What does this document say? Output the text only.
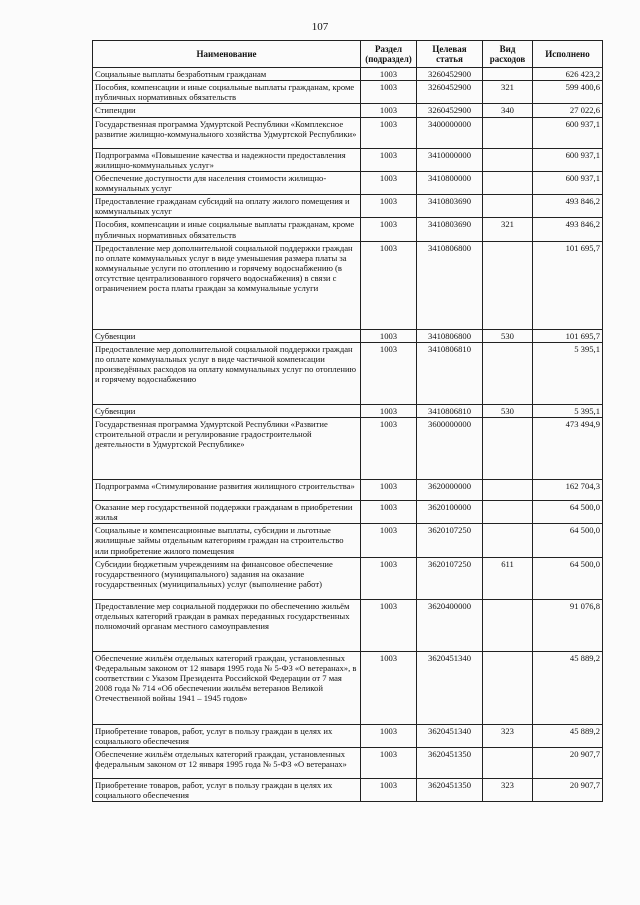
107
Наименование	Раздел (подраздел)	Целевая статья	Вид расходов	Исполнено
Социальные выплаты безработным гражданам	1003	3260452900		626 423,2
Пособия, компенсации и иные социальные выплаты гражданам, кроме публичных нормативных обязательств	1003	3260452900	321	599 400,6
Стипендии	1003	3260452900	340	27 022,6
Государственная программа Удмуртской Республики «Комплексное развитие жилищно-коммунального хозяйства Удмуртской Республики»	1003	3400000000		600 937,1
Подпрограмма «Повышение качества и надежности предоставления жилищно-коммунальных услуг»	1003	3410000000		600 937,1
Обеспечение доступности для населения стоимости жилищно-коммунальных услуг	1003	3410800000		600 937,1
Предоставление гражданам субсидий на оплату жилого помещения и коммунальных услуг	1003	3410803690		493 846,2
Пособия, компенсации и иные социальные выплаты гражданам, кроме публичных нормативных обязательств	1003	3410803690	321	493 846,2
Предоставление мер дополнительной социальной поддержки граждан по оплате коммунальных услуг в виде уменьшения размера платы за коммунальные услуги по отоплению и горячему водоснабжению (в отсутствие централизованного горячего водоснабжения) в связи с ограничением роста платы граждан за коммунальные услуги	1003	3410806800		101 695,7
Субвенции	1003	3410806800	530	101 695,7
Предоставление мер дополнительной социальной поддержки граждан по оплате коммунальных услуг в виде частичной компенсации произведённых расходов на оплату коммунальных услуг по отоплению и горячему водоснабжению	1003	3410806810		5 395,1
Субвенции	1003	3410806810	530	5 395,1
Государственная программа Удмуртской Республики «Развитие строительной отрасли и регулирование градостроительной деятельности в Удмуртской Республике»	1003	3600000000		473 494,9
Подпрограмма «Стимулирование развития жилищного строительства»	1003	3620000000		162 704,3
Оказание мер государственной поддержки гражданам в приобретении жилья	1003	3620100000		64 500,0
Социальные и компенсационные выплаты, субсидии и льготные жилищные займы отдельным категориям граждан на строительство или приобретение жилого помещения	1003	3620107250		64 500,0
Субсидии бюджетным учреждениям на финансовое обеспечение государственного (муниципального) задания на оказание государственных (муниципальных) услуг (выполнение работ)	1003	3620107250	611	64 500,0
Предоставление мер социальной поддержки по обеспечению жильём отдельных категорий граждан в рамках переданных государственных полномочий органам местного самоуправления	1003	3620400000		91 076,8
Обеспечение жильём отдельных категорий граждан, установленных Федеральным законом от 12 января 1995 года № 5-ФЗ «О ветеранах», в соответствии с Указом Президента Российской Федерации от 7 мая 2008 года № 714 «Об обеспечении жильём ветеранов Великой Отечественной войны 1941 – 1945 годов»	1003	3620451340		45 889,2
Приобретение товаров, работ, услуг в пользу граждан в целях их социального обеспечения	1003	3620451340	323	45 889,2
Обеспечение жильём отдельных категорий граждан, установленных федеральным законом от 12 января 1995 года № 5-ФЗ «О ветеранах»	1003	3620451350		20 907,7
Приобретение товаров, работ, услуг в пользу граждан в целях их социального обеспечения	1003	3620451350	323	20 907,7
